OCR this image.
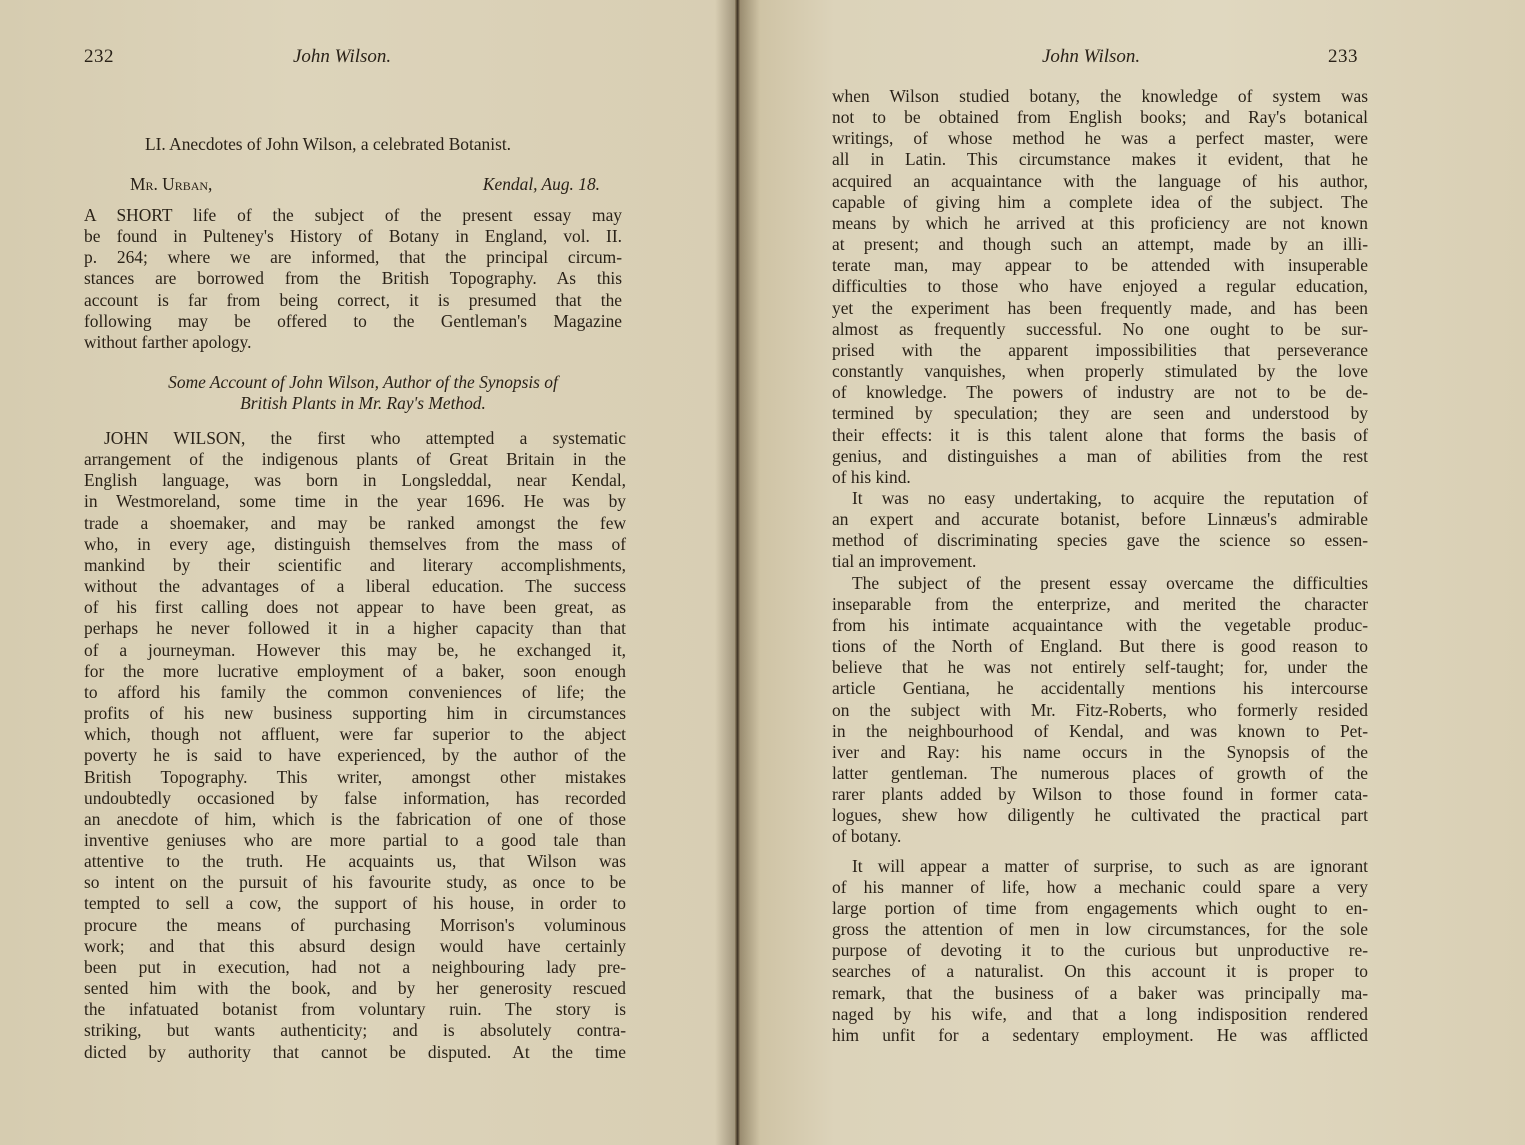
232	John Wilson.
LI. Anecdotes of John Wilson, a celebrated Botanist.
Mr. Urban,	Kendal, Aug. 18.
A SHORT life of the subject of the present essay may
be found in Pulteney's History of Botany in England, vol. II.
p. 264; where we are informed, that the principal circum-
stances are borrowed from the British Topography. As this
account is far from being correct, it is presumed that the
following may be offered to the Gentleman's Magazine
without farther apology.
Some Account of John Wilson, Author of the Synopsis of
British Plants in Mr. Ray's Method.
JOHN WILSON, the first who attempted a systematic
arrangement of the indigenous plants of Great Britain in the
English language, was born in Longsleddal, near Kendal,
in Westmoreland, some time in the year 1696. He was by
trade a shoemaker, and may be ranked amongst the few
who, in every age, distinguish themselves from the mass of
mankind by their scientific and literary accomplishments,
without the advantages of a liberal education. The success
of his first calling does not appear to have been great, as
perhaps he never followed it in a higher capacity than that
of a journeyman. However this may be, he exchanged it,
for the more lucrative employment of a baker, soon enough
to afford his family the common conveniences of life; the
profits of his new business supporting him in circumstances
which, though not affluent, were far superior to the abject
poverty he is said to have experienced, by the author of the
British Topography. This writer, amongst other mistakes
undoubtedly occasioned by false information, has recorded
an anecdote of him, which is the fabrication of one of those
inventive geniuses who are more partial to a good tale than
attentive to the truth. He acquaints us, that Wilson was
so intent on the pursuit of his favourite study, as once to be
tempted to sell a cow, the support of his house, in order to
procure the means of purchasing Morrison's voluminous
work; and that this absurd design would have certainly
been put in execution, had not a neighbouring lady pre-
sented him with the book, and by her generosity rescued
the infatuated botanist from voluntary ruin. The story is
striking, but wants authenticity; and is absolutely contra-
dicted by authority that cannot be disputed. At the time
John Wilson.	233
when Wilson studied botany, the knowledge of system was
not to be obtained from English books; and Ray's botanical
writings, of whose method he was a perfect master, were
all in Latin. This circumstance makes it evident, that he
acquired an acquaintance with the language of his author,
capable of giving him a complete idea of the subject. The
means by which he arrived at this proficiency are not known
at present; and though such an attempt, made by an illi-
terate man, may appear to be attended with insuperable
difficulties to those who have enjoyed a regular education,
yet the experiment has been frequently made, and has been
almost as frequently successful. No one ought to be sur-
prised with the apparent impossibilities that perseverance
constantly vanquishes, when properly stimulated by the love
of knowledge. The powers of industry are not to be de-
termined by speculation; they are seen and understood by
their effects: it is this talent alone that forms the basis of
genius, and distinguishes a man of abilities from the rest
of his kind.
It was no easy undertaking, to acquire the reputation of
an expert and accurate botanist, before Linnæus's admirable
method of discriminating species gave the science so essen-
tial an improvement.
The subject of the present essay overcame the difficulties
inseparable from the enterprize, and merited the character
from his intimate acquaintance with the vegetable produc-
tions of the North of England. But there is good reason to
believe that he was not entirely self-taught; for, under the
article Gentiana, he accidentally mentions his intercourse
on the subject with Mr. Fitz-Roberts, who formerly resided
in the neighbourhood of Kendal, and was known to Pet-
iver and Ray: his name occurs in the Synopsis of the
latter gentleman. The numerous places of growth of the
rarer plants added by Wilson to those found in former cata-
logues, shew how diligently he cultivated the practical part
of botany.
It will appear a matter of surprise, to such as are ignorant
of his manner of life, how a mechanic could spare a very
large portion of time from engagements which ought to en-
gross the attention of men in low circumstances, for the sole
purpose of devoting it to the curious but unproductive re-
searches of a naturalist. On this account it is proper to
remark, that the business of a baker was principally ma-
naged by his wife, and that a long indisposition rendered
him unfit for a sedentary employment. He was afflicted
